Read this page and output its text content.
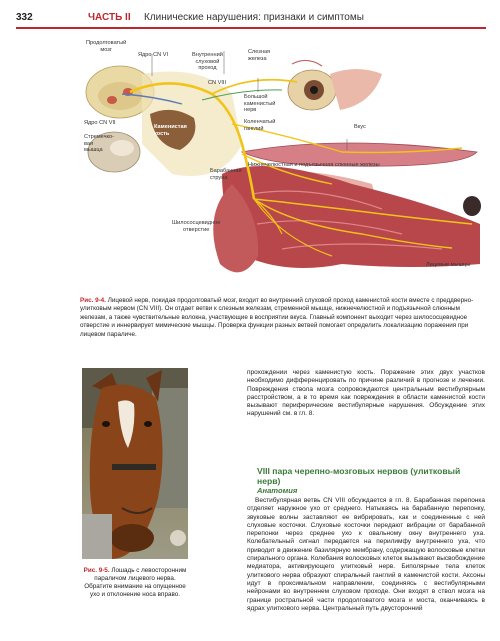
332	ЧАСТЬ II Клинические нарушения: признаки и симптомы
Продолговатый
мозг
Ядро CN VI	Внутренний
слуховой
проход
Слезная
железа
CN VIII
Большой
каменистый
нерв
Ядро CN VII	Коленчатый
ганглий	Вкус
Стремечко-
вая
мышца
Каменистая
кость
Нижнечелюстная и подъязычная слюнные железы
Барабанная
струна
Шилососцевидное
отверстие
Лицевые мышцы
Рис. 9-4. Лицевой нерв, покидая продолговатый мозг, входит во внутренний слуховой проход каменистой кости вместе с преддверно-улитковым нервом (CN VIII). Он отдает ветви к слезным железам, стременной мышце, нижнечелюстной и подъязычной слюнным железам, а также чувствительные волокна, участвующие в восприятии вкуса. Главный компонент выходит через шилососцевидное отверстие и иннервирует мимические мышцы. Проверка функции разных ветвей помогает определить локализацию поражения при лицевом параличе.
Рис. 9-5. Лошадь с левосторонним параличом лицевого нерва. Обратите внимание на опущенное ухо и отклонение носа вправо.
прохождении через каменистую кость. Поражение этих двух участков необходимо дифференцировать по причине различий в прогнозе и лечении. Повреждения ствола мозга сопровождаются центральным вестибулярным расстройством, а в то время как повреждения в области каменистой кости вызывают периферические вестибулярные нарушения. Обсуждение этих нарушений см. в гл. 8.
VIII пара черепно-мозговых нервов (улитковый нерв)
Анатомия
Вестибулярная ветвь CN VIII обсуждается в гл. 8. Барабанная перепонка отделяет наружное ухо от среднего. Натыкаясь на барабанную перепонку, звуковые волны заставляют ее вибрировать, как и соединенные с ней слуховые косточки. Слуховые косточки передают вибрации от барабанной перепонки через среднее ухо к овальному окну внутреннего уха. Колебательный сигнал передается на перилимфу внутреннего уха, что приводит в движение базилярную мембрану, содержащую волосковые клетки спирального органа. Колебания волосковых клеток вызывают высвобождение медиатора, активирующего улитковый нерв. Биполярные тела клеток улиткового нерва образуют спиральный ганглий в каменистой кости. Аксоны идут в проксимальном направлении, соединяясь с вестибулярными нейронами во внутреннем слуховом проходе. Они входят в ствол мозга на границе ростральной части продолговатого мозга и моста, оканчиваясь в ядрах улиткового нерва. Центральный путь двусторонний
